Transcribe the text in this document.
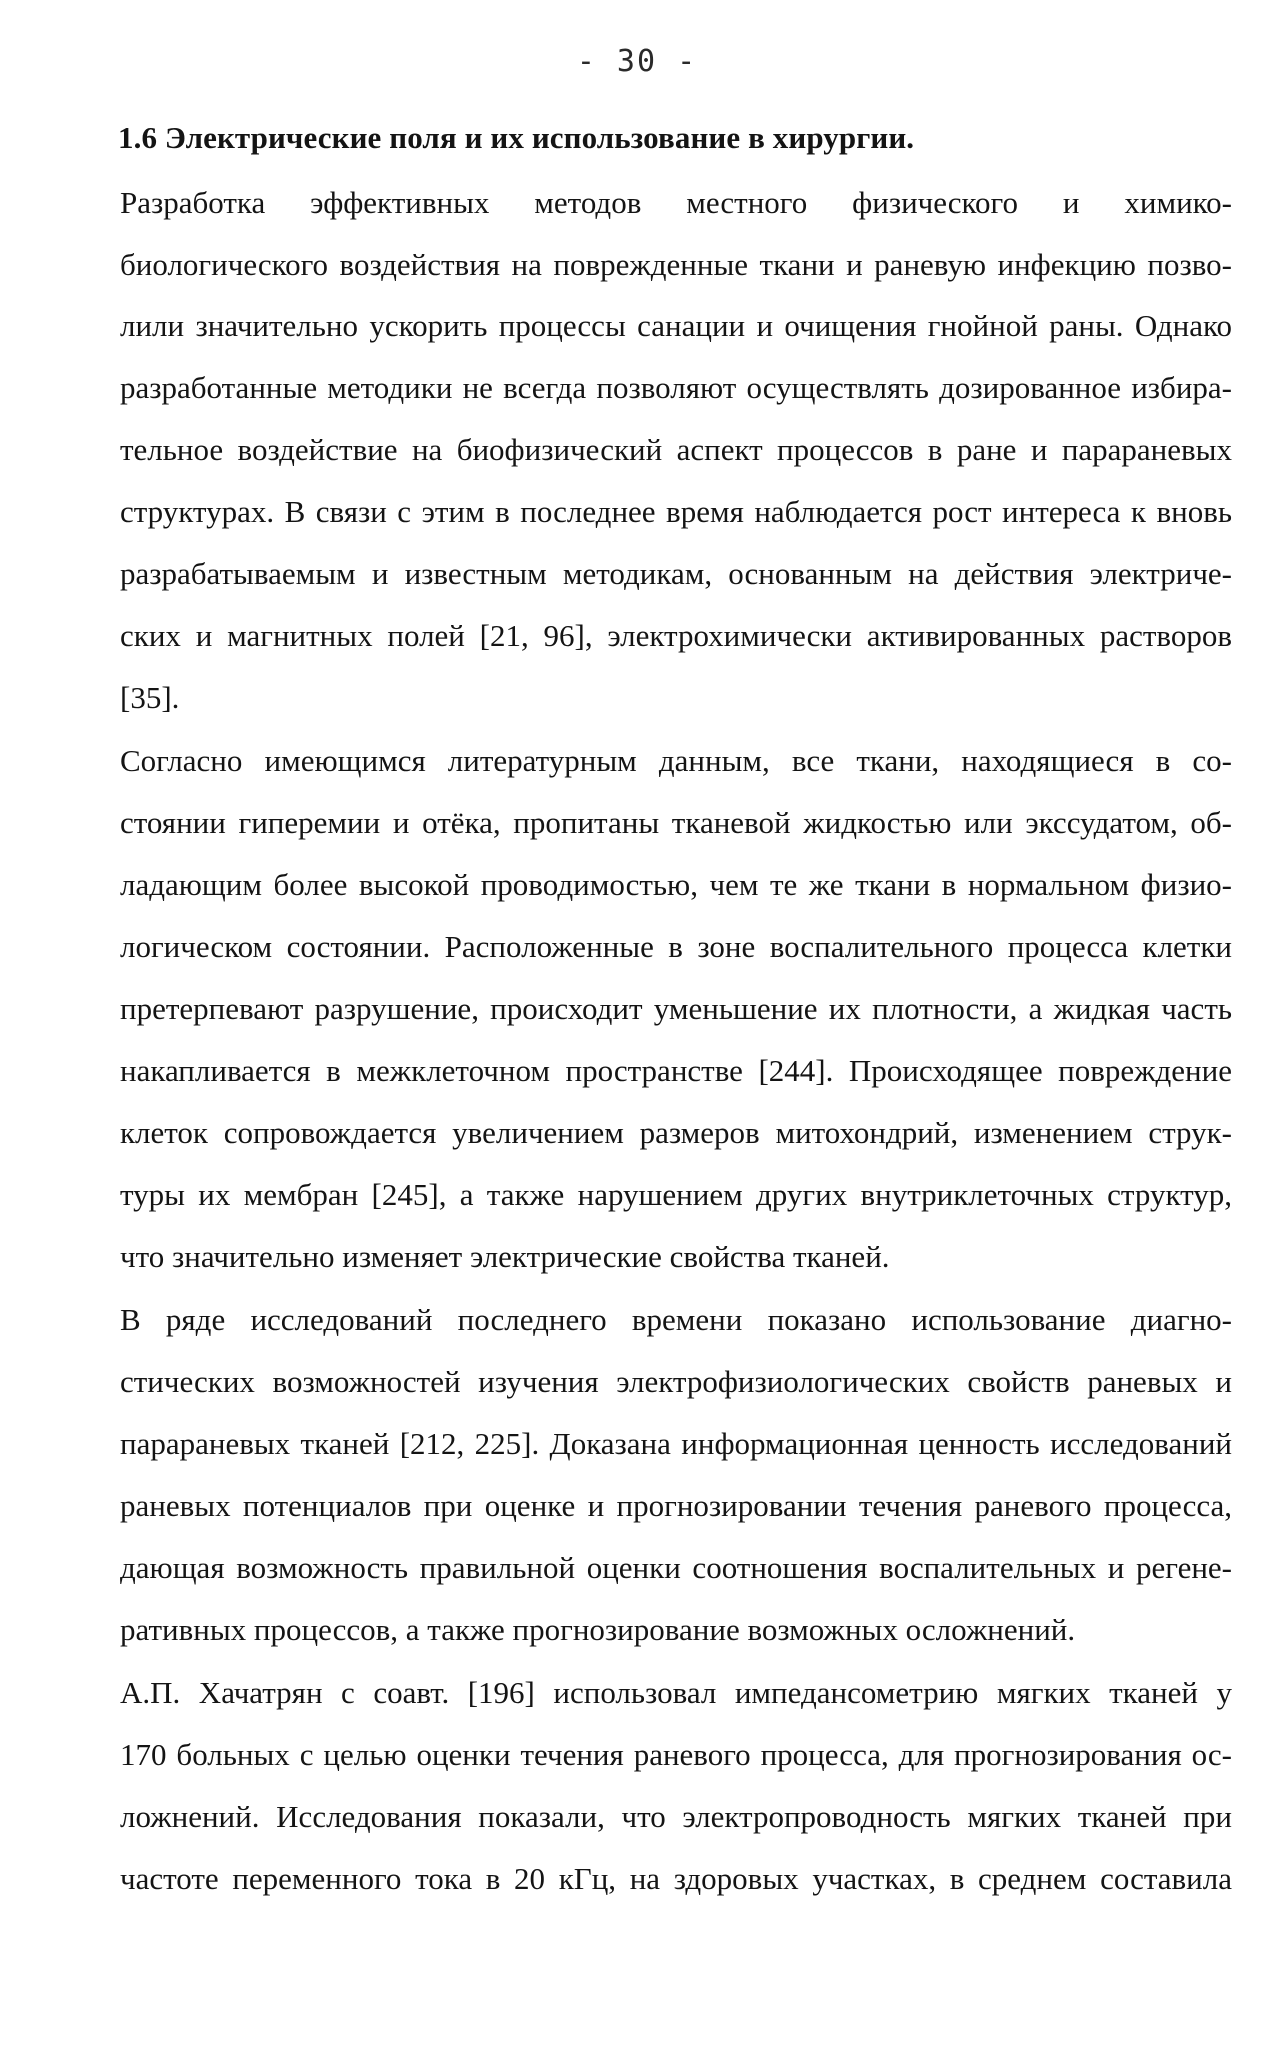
- 30 -
1.6 Электрические поля и их использование в хирургии.

Разработка эффективных методов местного физического и химико-

биологического воздействия на поврежденные ткани и раневую инфекцию позво-

лили значительно ускорить процессы санации и очищения гнойной раны. Однако

разработанные методики не всегда позволяют осуществлять дозированное избира-

тельное воздействие на биофизический аспект процессов в ране и парараневых

структурах. В связи с этим в последнее время наблюдается рост интереса к вновь

разрабатываемым и известным методикам, основанным на действия электриче-

ских и магнитных полей [21, 96], электрохимически активированных растворов

[35].

Согласно имеющимся литературным данным, все ткани, находящиеся в со-

стоянии гиперемии и отёка, пропитаны тканевой жидкостью или экссудатом, об-

ладающим более высокой проводимостью, чем те же ткани в нормальном физио-

логическом состоянии. Расположенные в зоне воспалительного процесса клетки

претерпевают разрушение, происходит уменьшение их плотности, а жидкая часть

накапливается в межклеточном пространстве [244]. Происходящее повреждение

клеток сопровождается увеличением размеров митохондрий, изменением струк-

туры их мембран [245], а также нарушением других внутриклеточных структур,

что значительно изменяет электрические свойства тканей.

В ряде исследований последнего времени показано использование диагно-

стических возможностей изучения электрофизиологических свойств раневых и

парараневых тканей [212, 225]. Доказана информационная ценность исследований

раневых потенциалов при оценке и прогнозировании течения раневого процесса,

дающая возможность правильной оценки соотношения воспалительных и регене-

ративных процессов, а также прогнозирование возможных осложнений.

А.П. Хачатрян с соавт. [196] использовал импедансометрию мягких тканей у

170 больных с целью оценки течения раневого процесса, для прогнозирования ос-

ложнений. Исследования показали, что электропроводность мягких тканей при

частоте переменного тока в 20 кГц, на здоровых участках, в среднем составила
